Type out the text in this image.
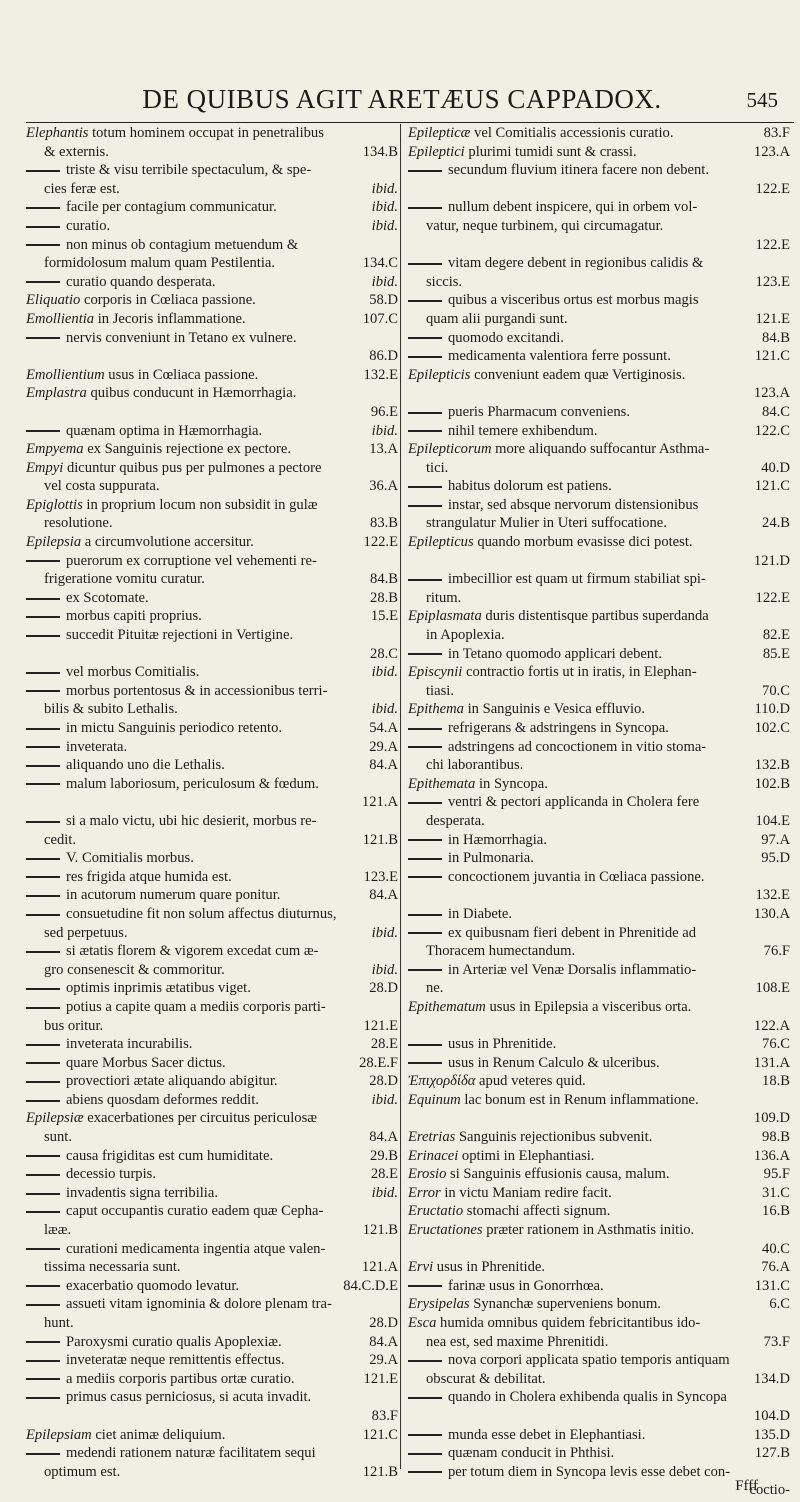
DE QUIBUS AGIT ARETÆUS CAPPADOX.	545
Elephantis totum hominem occupat in penetralibus
& externis.	134.B
triste & visu terribile spectaculum, & spe-
cies feræ est.	ibid.
facile per contagium communicatur.	ibid.
curatio.	ibid.
non minus ob contagium metuendum &
formidolosum malum quam Pestilentia.	134.C
curatio quando desperata.	ibid.
Eliquatio corporis in Cœliaca passione.	58.D
Emollientia in Jecoris inflammatione.	107.C
nervis conveniunt in Tetano ex vulnere.
86.D
Emollientium usus in Cœliaca passione.	132.E
Emplastra quibus conducunt in Hæmorrhagia.
96.E
quænam optima in Hæmorrhagia.	ibid.
Empyema ex Sanguinis rejectione ex pectore.	13.A
Empyi dicuntur quibus pus per pulmones a pectore
vel costa suppurata.	36.A
Epiglottis in proprium locum non subsidit in gulæ
resolutione.	83.B
Epilepsia a circumvolutione accersitur.	122.E
puerorum ex corruptione vel vehementi re-
frigeratione vomitu curatur.	84.B
ex Scotomate.	28.B
morbus capiti proprius.	15.E
succedit Pituitæ rejectioni in Vertigine.
28.C
vel morbus Comitialis.	ibid.
morbus portentosus & in accessionibus terri-
bilis & subito Lethalis.	ibid.
in mictu Sanguinis periodico retento.	54.A
inveterata.	29.A
aliquando uno die Lethalis.	84.A
malum laboriosum, periculosum & fœdum.
121.A
si a malo victu, ubi hic desierit, morbus re-
cedit.	121.B
V. Comitialis morbus.
res frigida atque humida est.	123.E
in acutorum numerum quare ponitur.	84.A
consuetudine fit non solum affectus diuturnus,
sed perpetuus.	ibid.
si ætatis florem & vigorem excedat cum æ-
gro consenescit & commoritur.	ibid.
optimis inprimis ætatibus viget.	28.D
potius a capite quam a mediis corporis parti-
bus oritur.	121.E
inveterata incurabilis.	28.E
quare Morbus Sacer dictus.	28.E.F
provectiori ætate aliquando abigitur.	28.D
abiens quosdam deformes reddit.	ibid.
Epilepsiæ exacerbationes per circuitus periculosæ
sunt.	84.A
causa frigiditas est cum humiditate.	29.B
decessio turpis.	28.E
invadentis signa terribilia.	ibid.
caput occupantis curatio eadem quæ Cepha-
lææ.	121.B
curationi medicamenta ingentia atque valen-
tissima necessaria sunt.	121.A
exacerbatio quomodo levatur.	84.C.D.E
assueti vitam ignominia & dolore plenam tra-
hunt.	28.D
Paroxysmi curatio qualis Apoplexiæ.	84.A
inveteratæ neque remittentis effectus.	29.A
a mediis corporis partibus ortæ curatio.	121.E
primus casus perniciosus, si acuta invadit.
83.F
Epilepsiam ciet animæ deliquium.	121.C
medendi rationem naturæ facilitatem sequi
optimum est.	121.B
Epilepticæ vel Comitialis accessionis curatio.	83.F
Epileptici plurimi tumidi sunt & crassi.	123.A
secundum fluvium itinera facere non debent.
122.E
nullum debent inspicere, qui in orbem vol-
vatur, neque turbinem, qui circumagatur.
122.E
vitam degere debent in regionibus calidis &
siccis.	123.E
quibus a visceribus ortus est morbus magis
quam alii purgandi sunt.	121.E
quomodo excitandi.	84.B
medicamenta valentiora ferre possunt.	121.C
Epilepticis conveniunt eadem quæ Vertiginosis.
123.A
pueris Pharmacum conveniens.	84.C
nihil temere exhibendum.	122.C
Epilepticorum more aliquando suffocantur Asthma-
tici.	40.D
habitus dolorum est patiens.	121.C
instar, sed absque nervorum distensionibus
strangulatur Mulier in Uteri suffocatione.	24.B
Epilepticus quando morbum evasisse dici potest.
121.D
imbecillior est quam ut firmum stabiliat spi-
ritum.	122.E
Epiplasmata duris distentisque partibus superdanda
in Apoplexia.	82.E
in Tetano quomodo applicari debent.	85.E
Episcynii contractio fortis ut in iratis, in Elephan-
tiasi.	70.C
Epithema in Sanguinis e Vesica effluvio.	110.D
refrigerans & adstringens in Syncopa.	102.C
adstringens ad concoctionem in vitio stoma-
chi laborantibus.	132.B
Epithemata in Syncopa.	102.B
ventri & pectori applicanda in Cholera fere
desperata.	104.E
in Hæmorrhagia.	97.A
in Pulmonaria.	95.D
concoctionem juvantia in Cœliaca passione.
132.E
in Diabete.	130.A
ex quibusnam fieri debent in Phrenitide ad
Thoracem humectandum.	76.F
in Arteriæ vel Venæ Dorsalis inflammatio-
ne.	108.E
Epithematum usus in Epilepsia a visceribus orta.
122.A
usus in Phrenitide.	76.C
usus in Renum Calculo & ulceribus.	131.A
Ἐπιχορδίδα apud veteres quid.	18.B
Equinum lac bonum est in Renum inflammatione.
109.D
Eretrias Sanguinis rejectionibus subvenit.	98.B
Erinacei optimi in Elephantiasi.	136.A
Erosio si Sanguinis effusionis causa, malum.	95.F
Error in victu Maniam redire facit.	31.C
Eructatio stomachi affecti signum.	16.B
Eructationes præter rationem in Asthmatis initio.
40.C
Ervi usus in Phrenitide.	76.A
farinæ usus in Gonorrhœa.	131.C
Erysipelas Synanchæ superveniens bonum.	6.C
Esca humida omnibus quidem febricitantibus ido-
nea est, sed maxime Phrenitidi.	73.F
nova corpori applicata spatio temporis antiquam
obscurat & debilitat.	134.D
quando in Cholera exhibenda qualis in Syncopa
104.D
munda esse debet in Elephantiasi.	135.D
quænam conducit in Phthisi.	127.B
per totum diem in Syncopa levis esse debet con-
coctio-
Ffff
